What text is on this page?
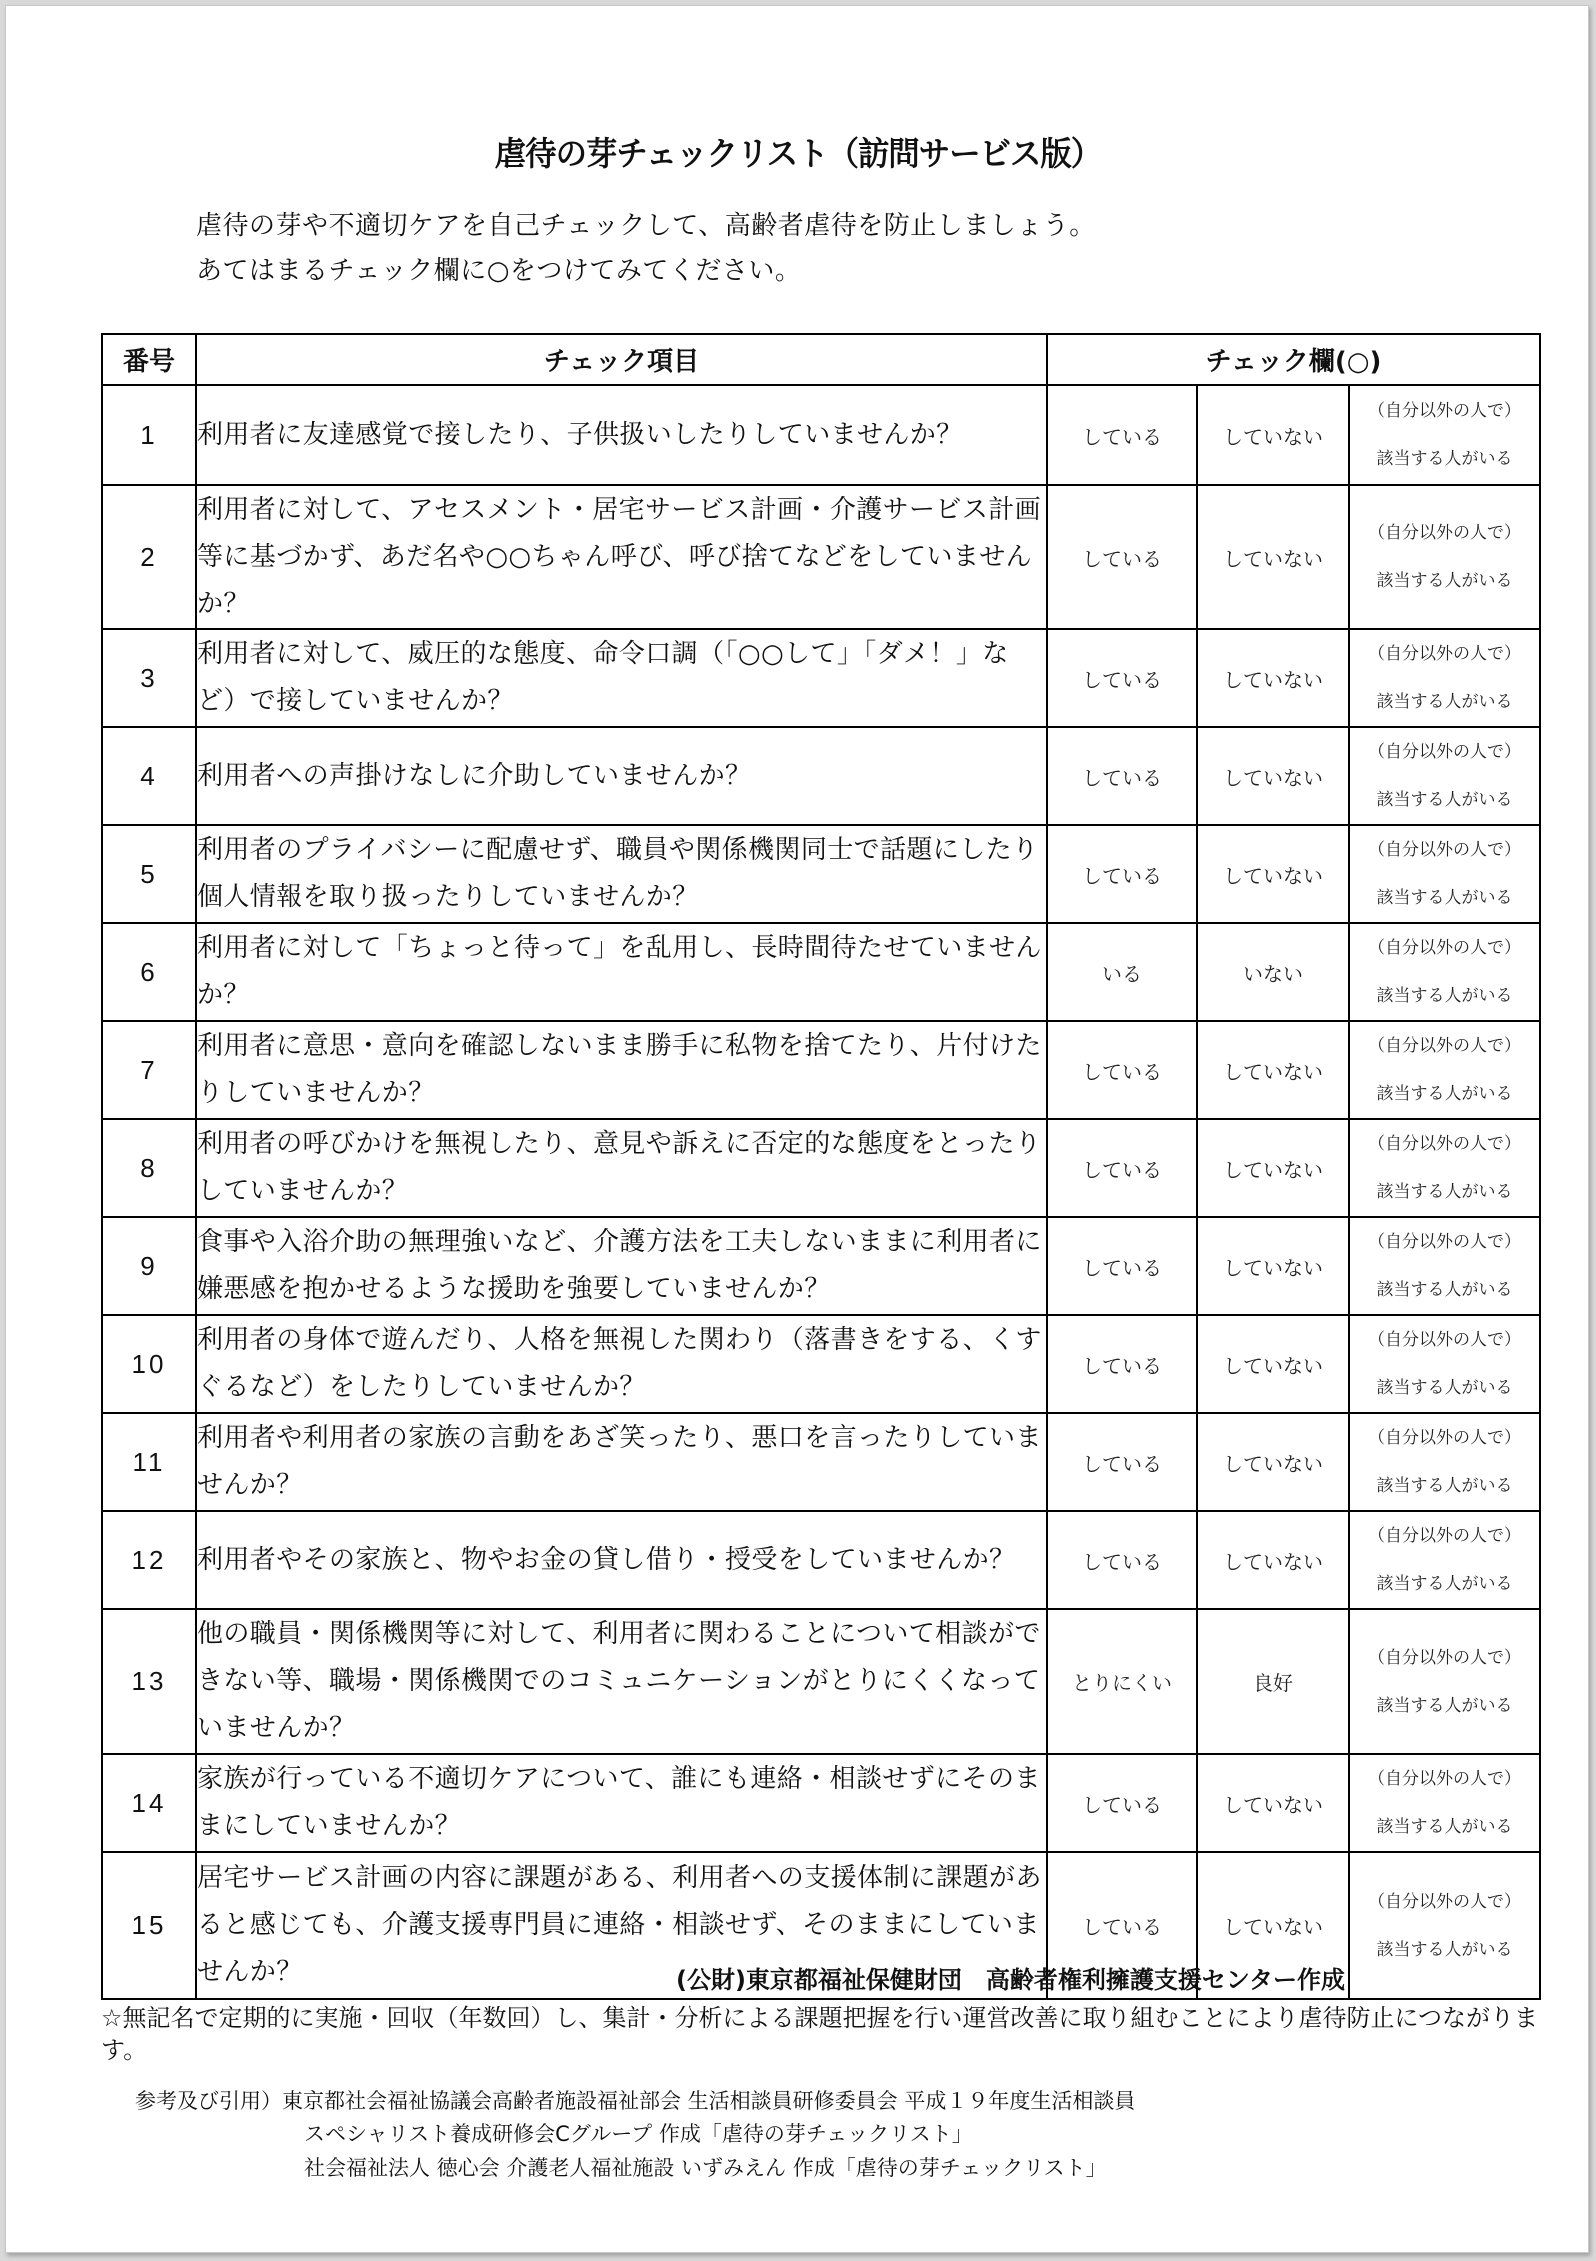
虐待の芽チェックリスト（訪問サービス版）
虐待の芽や不適切ケアを自己チェックして、高齢者虐待を防止しましょう。
あてはまるチェック欄に○をつけてみてください。
番号	チェック項目	チェック欄(○)		
1	利用者に友達感覚で接したり、子供扱いしたりしていませんか？	している	していない	（自分以外の人で）
該当する人がいる
2	利用者に対して、アセスメント・居宅サービス計画・介護サービス計画等に基づかず、あだ名や○○ちゃん呼び、呼び捨てなどをしていませんか？	している	していない	（自分以外の人で）
該当する人がいる
3	利用者に対して、威圧的な態度、命令口調（「○○して」「ダメ！」など）で接していませんか？	している	していない	（自分以外の人で）
該当する人がいる
4	利用者への声掛けなしに介助していませんか？	している	していない	（自分以外の人で）
該当する人がいる
5	利用者のプライバシーに配慮せず、職員や関係機関同士で話題にしたり個人情報を取り扱ったりしていませんか？	している	していない	（自分以外の人で）
該当する人がいる
6	利用者に対して「ちょっと待って」を乱用し、長時間待たせていませんか？	いる	いない	（自分以外の人で）
該当する人がいる
7	利用者に意思・意向を確認しないまま勝手に私物を捨てたり、片付けたりしていませんか？	している	していない	（自分以外の人で）
該当する人がいる
8	利用者の呼びかけを無視したり、意見や訴えに否定的な態度をとったりしていませんか？	している	していない	（自分以外の人で）
該当する人がいる
9	食事や入浴介助の無理強いなど、介護方法を工夫しないままに利用者に嫌悪感を抱かせるような援助を強要していませんか？	している	していない	（自分以外の人で）
該当する人がいる
10	利用者の身体で遊んだり、人格を無視した関わり（落書きをする、くすぐるなど）をしたりしていませんか？	している	していない	（自分以外の人で）
該当する人がいる
11	利用者や利用者の家族の言動をあざ笑ったり、悪口を言ったりしていませんか？	している	していない	（自分以外の人で）
該当する人がいる
12	利用者やその家族と、物やお金の貸し借り・授受をしていませんか？	している	していない	（自分以外の人で）
該当する人がいる
13	他の職員・関係機関等に対して、利用者に関わることについて相談ができない等、職場・関係機関でのコミュニケーションがとりにくくなっていませんか？	とりにくい	良好	（自分以外の人で）
該当する人がいる
14	家族が行っている不適切ケアについて、誰にも連絡・相談せずにそのままにしていませんか？	している	していない	（自分以外の人で）
該当する人がいる
15	居宅サービス計画の内容に課題がある、利用者への支援体制に課題があると感じても、介護支援専門員に連絡・相談せず、そのままにしていませんか？	している	していない	（自分以外の人で）
該当する人がいる
(公財)東京都福祉保健財団　高齢者権利擁護支援センター作成
☆無記名で定期的に実施・回収（年数回）し、集計・分析による課題把握を行い運営改善に取り組むことにより虐待防止につながります。
参考及び引用）東京都社会福祉協議会高齢者施設福祉部会 生活相談員研修委員会 平成１９年度生活相談員
スペシャリスト養成研修会Cグループ 作成「虐待の芽チェックリスト」
社会福祉法人 徳心会 介護老人福祉施設 いずみえん 作成「虐待の芽チェックリスト」
